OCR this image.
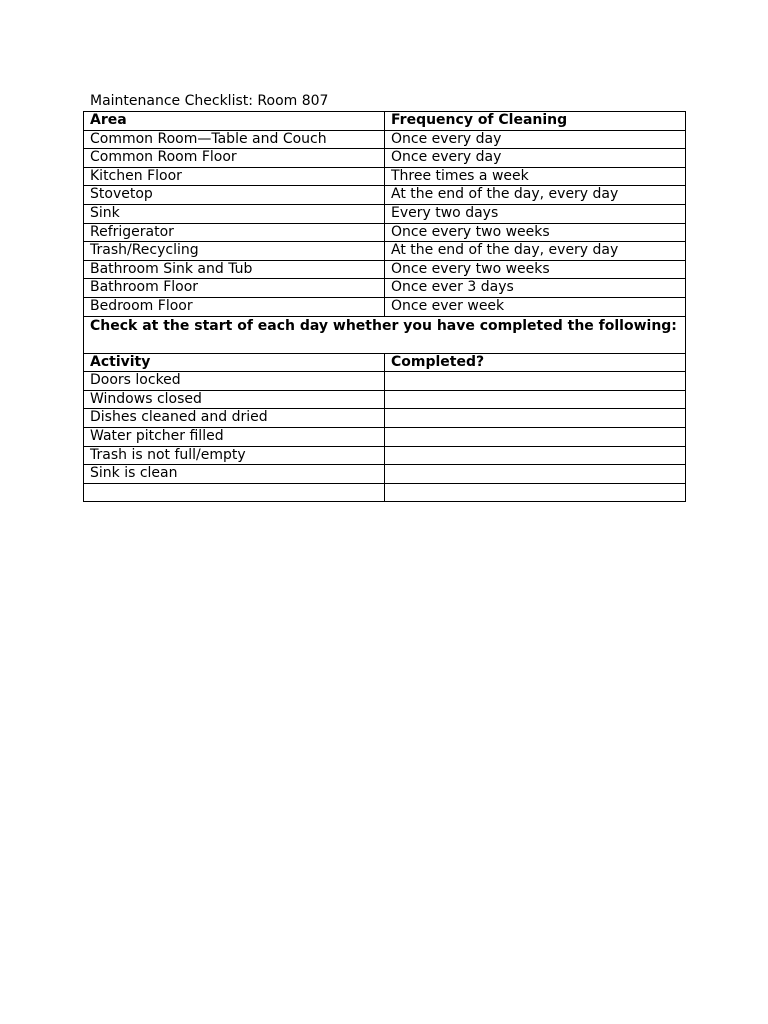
Maintenance Checklist: Room 807
Area	Frequency of Cleaning
Common Room—Table and Couch	Once every day
Common Room Floor	Once every day
Kitchen Floor	Three times a week
Stovetop	At the end of the day, every day
Sink	Every two days
Refrigerator	Once every two weeks
Trash/Recycling	At the end of the day, every day
Bathroom Sink and Tub	Once every two weeks
Bathroom Floor	Once ever 3 days
Bedroom Floor	Once ever week
Check at the start of each day whether you have completed the following:	
Activity	Completed?
Doors locked	
Windows closed	
Dishes cleaned and dried	
Water pitcher filled	
Trash is not full/empty	
Sink is clean	
